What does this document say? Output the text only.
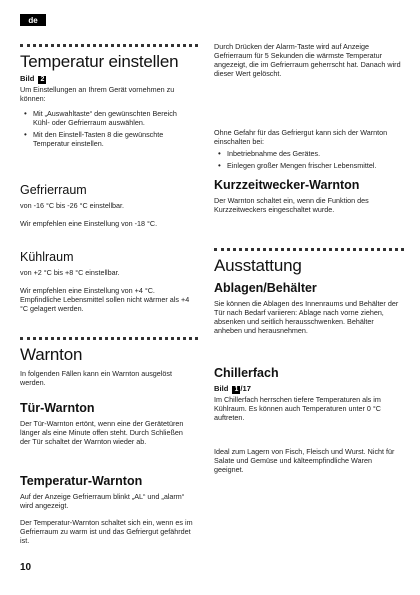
de
Temperatur einstellen
Bild 2
Um Einstellungen an Ihrem Gerät vornehmen zu können:
• Mit „Auswahltaste“ den gewünschten Bereich Kühl- oder Gefrierraum auswählen.
• Mit den Einstell-Tasten 8 die gewünschte Temperatur einstellen.
Gefrierraum
von -16 °C bis -26 °C einstellbar.
Wir empfehlen eine Einstellung von -18 °C.
Kühlraum
von +2 °C bis +8 °C einstellbar.
Wir empfehlen eine Einstellung von +4 °C. Empfindliche Lebensmittel sollen nicht wärmer als +4 °C gelagert werden.
Warnton
In folgenden Fällen kann ein Warnton ausgelöst werden.
Tür-Warnton
Der Tür-Warnton ertönt, wenn eine der Gerätetüren länger als eine Minute offen steht. Durch Schließen der Tür schaltet der Warnton wieder ab.
Temperatur-Warnton
Auf der Anzeige Gefrierraum blinkt „AL“ und „alarm“ wird angezeigt.
Der Temperatur-Warnton schaltet sich ein, wenn es im Gefrierraum zu warm ist und das Gefriergut gefährdet ist.
Durch Drücken der Alarm-Taste wird auf Anzeige Gefrierraum für 5 Sekunden die wärmste Temperatur angezeigt, die im Gefrierraum geherrscht hat. Danach wird dieser Wert gelöscht.
Ohne Gefahr für das Gefriergut kann sich der Warnton einschalten bei:
• Inbetriebnahme des Gerätes.
• Einlegen großer Mengen frischer Lebensmittel.
Kurzzeitwecker-Warnton
Der Warnton schaltet ein, wenn die Funktion des Kurzzeitweckers eingeschaltet wurde.
Ausstattung
Ablagen/Behälter
Sie können die Ablagen des Innenraums und Behälter der Tür nach Bedarf variieren: Ablage nach vorne ziehen, absenken und seitlich herausschwenken. Behälter anheben und herausnehmen.
Chillerfach
Bild 1 /17
Im Chillerfach herrschen tiefere Temperaturen als im Kühlraum. Es können auch Temperaturen unter 0 °C auftreten.
Ideal zum Lagern von Fisch, Fleisch und Wurst. Nicht für Salate und Gemüse und kälteempfindliche Waren geeignet.
10
